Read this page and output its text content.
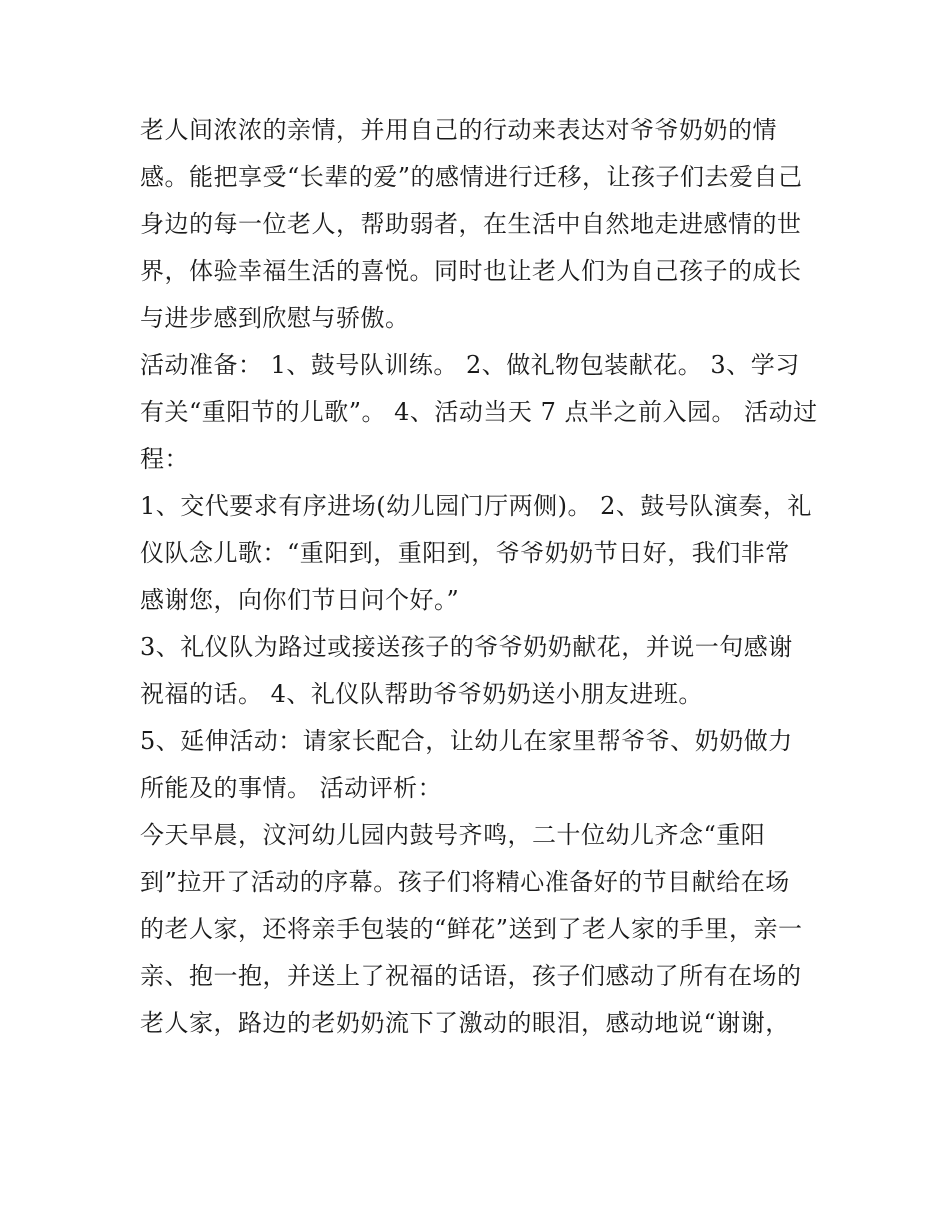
老人间浓浓的亲情，并用自己的行动来表达对爷爷奶奶的情
感。能把享受“长辈的爱”的感情进行迁移，让孩子们去爱自己
身边的每一位老人，帮助弱者，在生活中自然地走进感情的世
界，体验幸福生活的喜悦。同时也让老人们为自己孩子的成长
与进步感到欣慰与骄傲。
活动准备： 1、鼓号队训练。 2、做礼物包装献花。 3、学习
有关“重阳节的儿歌”。 4、活动当天 7 点半之前入园。 活动过
程：
1、交代要求有序进场(幼儿园门厅两侧)。 2、鼓号队演奏，礼
仪队念儿歌：“重阳到，重阳到，爷爷奶奶节日好，我们非常
感谢您，向你们节日问个好。”
3、礼仪队为路过或接送孩子的爷爷奶奶献花，并说一句感谢
祝福的话。 4、礼仪队帮助爷爷奶奶送小朋友进班。
5、延伸活动：请家长配合，让幼儿在家里帮爷爷、奶奶做力
所能及的事情。 活动评析：
今天早晨，汶河幼儿园内鼓号齐鸣，二十位幼儿齐念“重阳
到”拉开了活动的序幕。孩子们将精心准备好的节目献给在场
的老人家，还将亲手包装的“鲜花”送到了老人家的手里，亲一
亲、抱一抱，并送上了祝福的话语，孩子们感动了所有在场的
老人家，路边的老奶奶流下了激动的眼泪，感动地说“谢谢，
